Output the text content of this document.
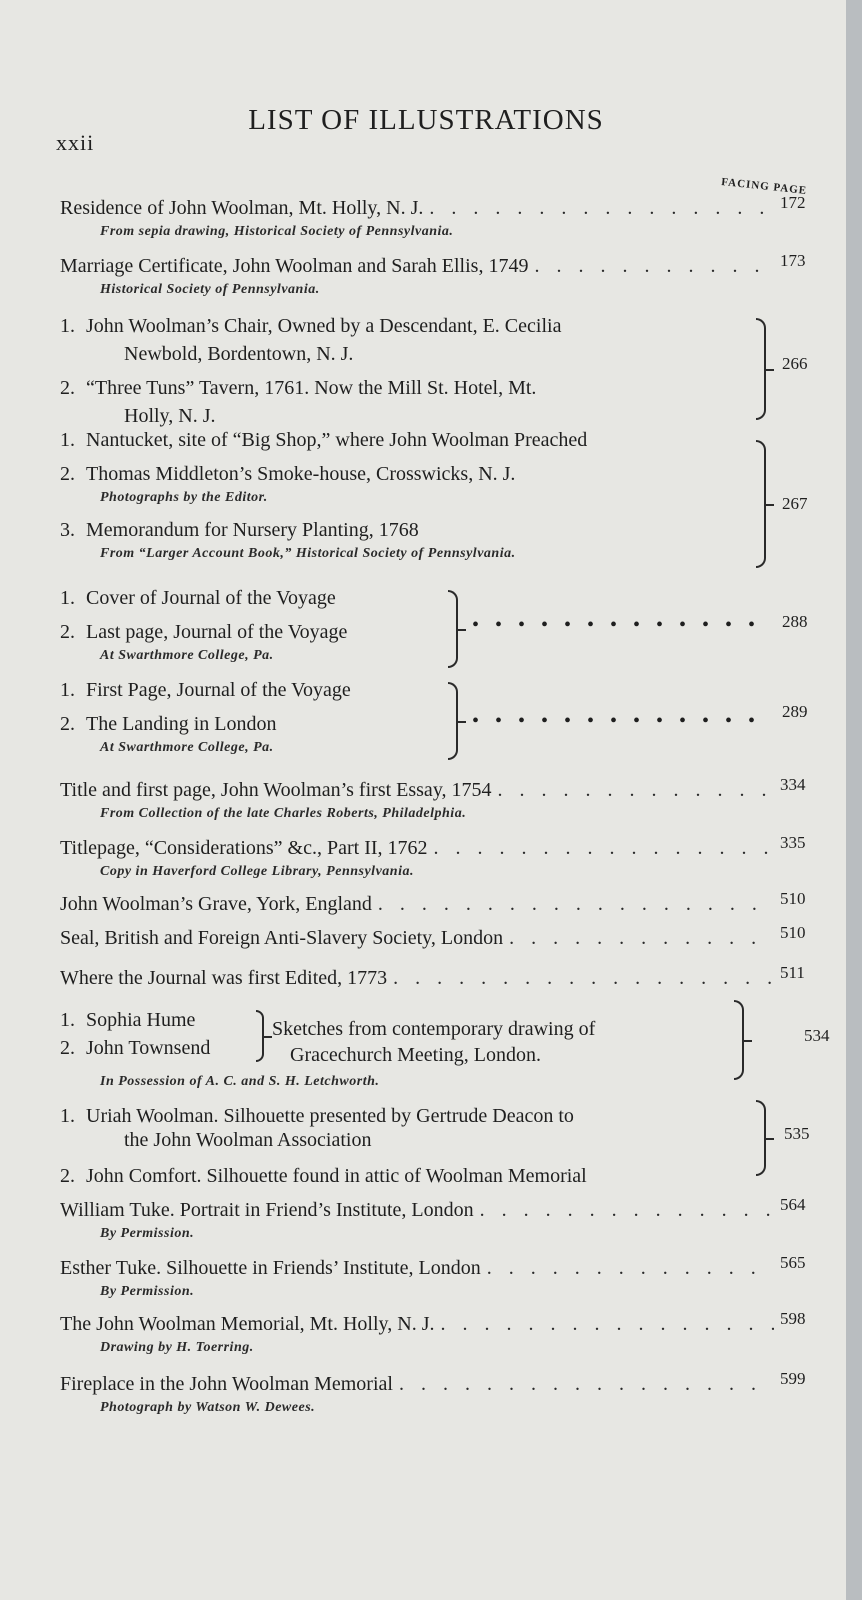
xxii
LIST OF ILLUSTRATIONS
FACING PAGE
Residence of John Woolman, Mt. Holly, N. J. . . .	172
From sepia drawing, Historical Society of Pennsylvania.
Marriage Certificate, John Woolman and Sarah Ellis, 1749 . . .	173
Historical Society of Pennsylvania.
1. John Woolman’s Chair, Owned by a Descendant, E. Cecilia
Newbold, Bordentown, N. J.
2. “Three Tuns” Tavern, 1761. Now the Mill St. Hotel, Mt.
Holly, N. J.
266
1. Nantucket, site of “Big Shop,” where John Woolman Preached
2. Thomas Middleton’s Smoke-house, Crosswicks, N. J.
Photographs by the Editor.
3. Memorandum for Nursery Planting, 1768
From “Larger Account Book,” Historical Society of Pennsylvania.
267
1. Cover of Journal of the Voyage
2. Last page, Journal of the Voyage
At Swarthmore College, Pa.
••••••••••••• 288
1. First Page, Journal of the Voyage
2. The Landing in London
At Swarthmore College, Pa.
••••••••••••• 289
Title and first page, John Woolman’s first Essay, 1754 . . .	334
From Collection of the late Charles Roberts, Philadelphia.
Titlepage, “Considerations” &c., Part II, 1762 . . .	335
Copy in Haverford College Library, Pennsylvania.
John Woolman’s Grave, York, England . . .	510
Seal, British and Foreign Anti-Slavery Society, London . . .	510
Where the Journal was first Edited, 1773 . . .	511
1. Sophia Hume
2. John Townsend
Sketches from contemporary drawing of
Gracechurch Meeting, London.
534
In Possession of A. C. and S. H. Letchworth.
1. Uriah Woolman. Silhouette presented by Gertrude Deacon to
the John Woolman Association
2. John Comfort. Silhouette found in attic of Woolman Memorial
535
William Tuke. Portrait in Friend’s Institute, London . . .	564
By Permission.
Esther Tuke. Silhouette in Friends’ Institute, London . . .	565
By Permission.
The John Woolman Memorial, Mt. Holly, N. J. . . .	598
Drawing by H. Toerring.
Fireplace in the John Woolman Memorial . . .	599
Photograph by Watson W. Dewees.
